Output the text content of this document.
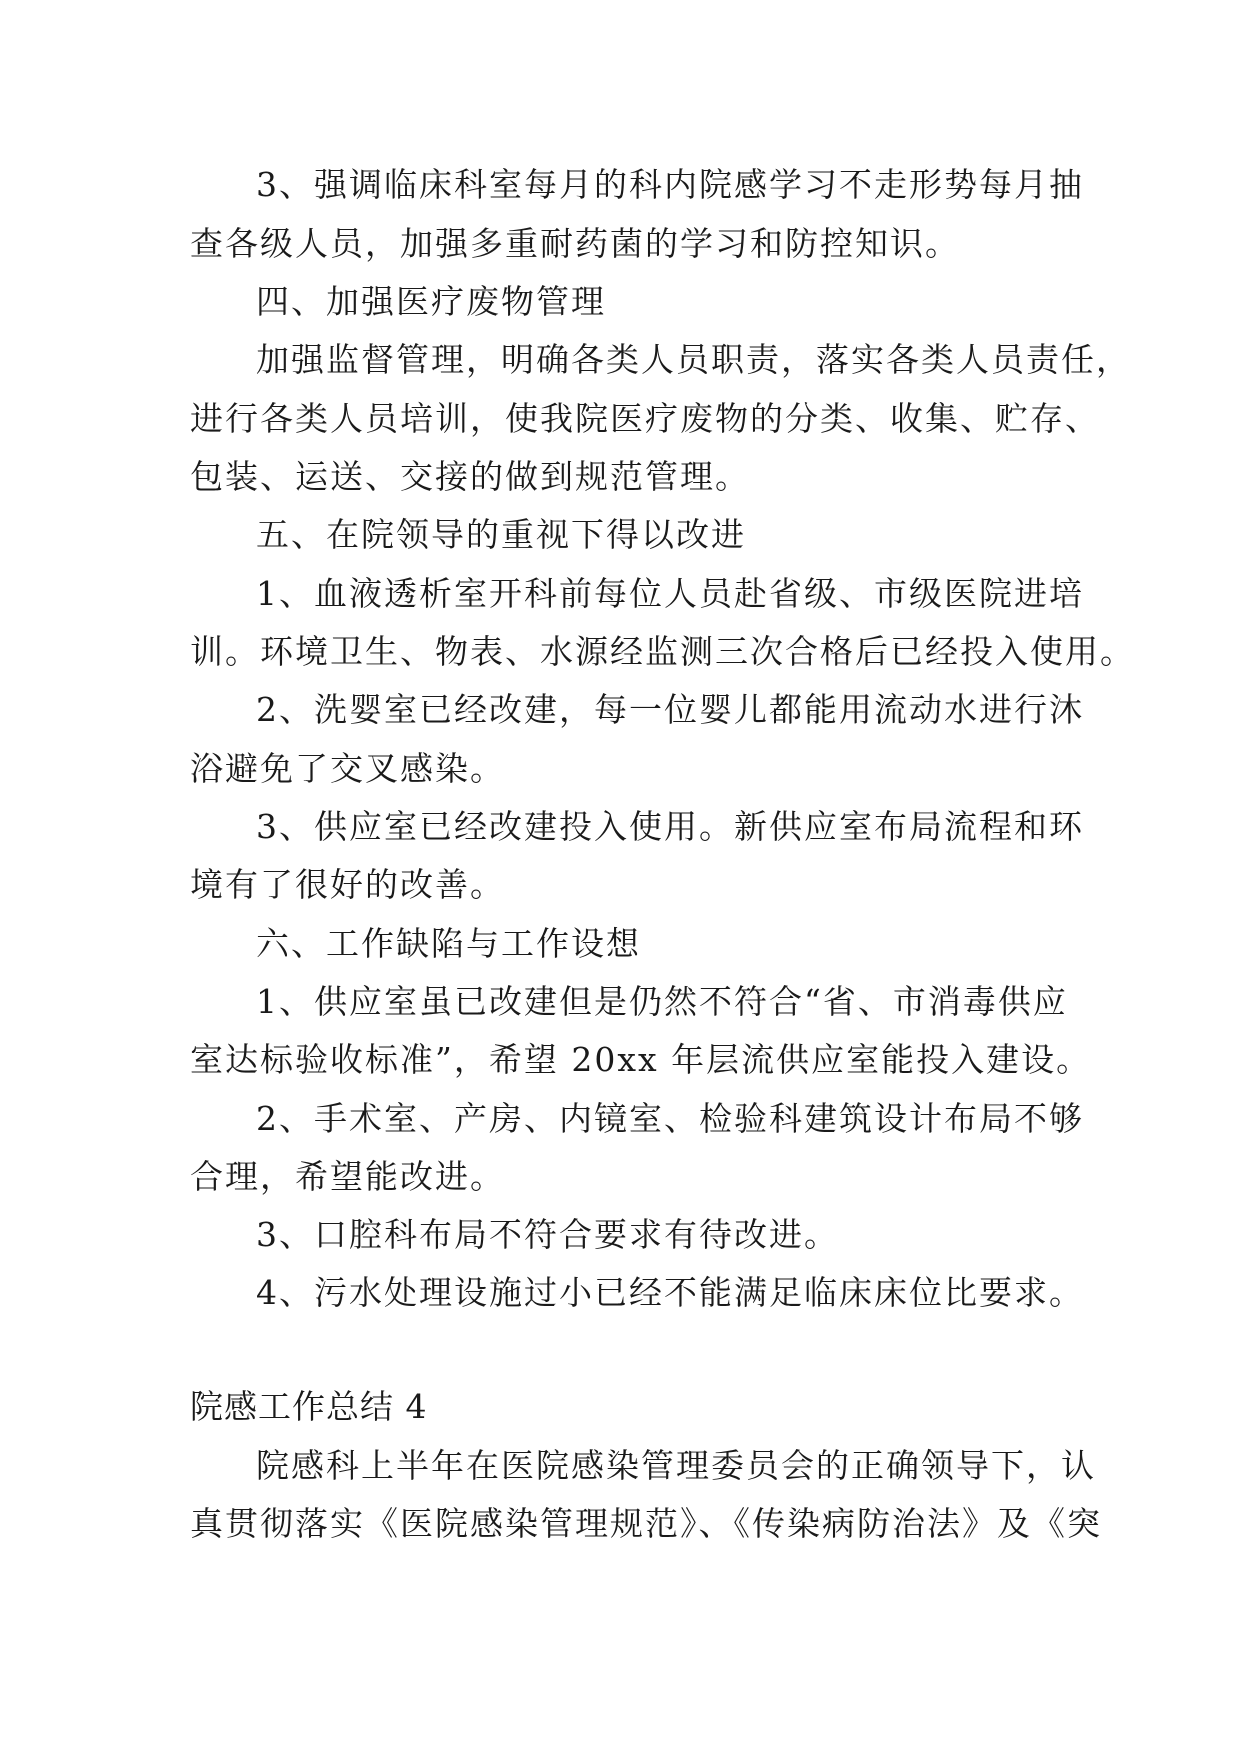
3、强调临床科室每月的科内院感学习不走形势每月抽
查各级人员，加强多重耐药菌的学习和防控知识。
四、加强医疗废物管理
加强监督管理，明确各类人员职责，落实各类人员责任，
进行各类人员培训，使我院医疗废物的分类、收集、贮存、
包装、运送、交接的做到规范管理。
五、在院领导的重视下得以改进
1、血液透析室开科前每位人员赴省级、市级医院进培
训。环境卫生、物表、水源经监测三次合格后已经投入使用。
2、洗婴室已经改建，每一位婴儿都能用流动水进行沐
浴避免了交叉感染。
3、供应室已经改建投入使用。新供应室布局流程和环
境有了很好的改善。
六、工作缺陷与工作设想
1、供应室虽已改建但是仍然不符合“省、市消毒供应
室达标验收标准”，希望 20xx 年层流供应室能投入建设。
2、手术室、产房、内镜室、检验科建筑设计布局不够
合理，希望能改进。
3、口腔科布局不符合要求有待改进。
4、污水处理设施过小已经不能满足临床床位比要求。
院感工作总结 4
院感科上半年在医院感染管理委员会的正确领导下，认
真贯彻落实《医院感染管理规范》、《传染病防治法》及《突
